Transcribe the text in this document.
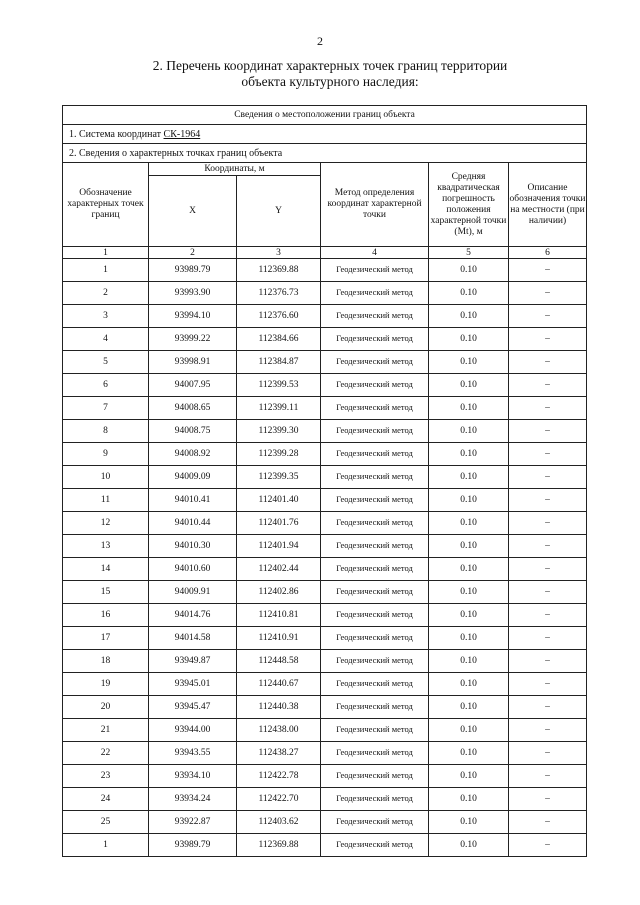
2
2. Перечень координат характерных точек границ территории
объекта культурного наследия:
Сведения о местоположении границ объекта					
1. Система координат СК-1964					
2. Сведения о характерных точках границ объекта					
Обозначение характерных точек границ	Координаты, м		Метод определения координат характерной точки	Средняя квадратическая погрешность положения характерной точки (Mt), м	Описание обозначения точки на местности (при наличии)
	X	Y			
1	2	3	4	5	6
1	93989.79	112369.88	Геодезический метод	0.10	–
2	93993.90	112376.73	Геодезический метод	0.10	–
3	93994.10	112376.60	Геодезический метод	0.10	–
4	93999.22	112384.66	Геодезический метод	0.10	–
5	93998.91	112384.87	Геодезический метод	0.10	–
6	94007.95	112399.53	Геодезический метод	0.10	–
7	94008.65	112399.11	Геодезический метод	0.10	–
8	94008.75	112399.30	Геодезический метод	0.10	–
9	94008.92	112399.28	Геодезический метод	0.10	–
10	94009.09	112399.35	Геодезический метод	0.10	–
11	94010.41	112401.40	Геодезический метод	0.10	–
12	94010.44	112401.76	Геодезический метод	0.10	–
13	94010.30	112401.94	Геодезический метод	0.10	–
14	94010.60	112402.44	Геодезический метод	0.10	–
15	94009.91	112402.86	Геодезический метод	0.10	–
16	94014.76	112410.81	Геодезический метод	0.10	–
17	94014.58	112410.91	Геодезический метод	0.10	–
18	93949.87	112448.58	Геодезический метод	0.10	–
19	93945.01	112440.67	Геодезический метод	0.10	–
20	93945.47	112440.38	Геодезический метод	0.10	–
21	93944.00	112438.00	Геодезический метод	0.10	–
22	93943.55	112438.27	Геодезический метод	0.10	–
23	93934.10	112422.78	Геодезический метод	0.10	–
24	93934.24	112422.70	Геодезический метод	0.10	–
25	93922.87	112403.62	Геодезический метод	0.10	–
1	93989.79	112369.88	Геодезический метод	0.10	–
